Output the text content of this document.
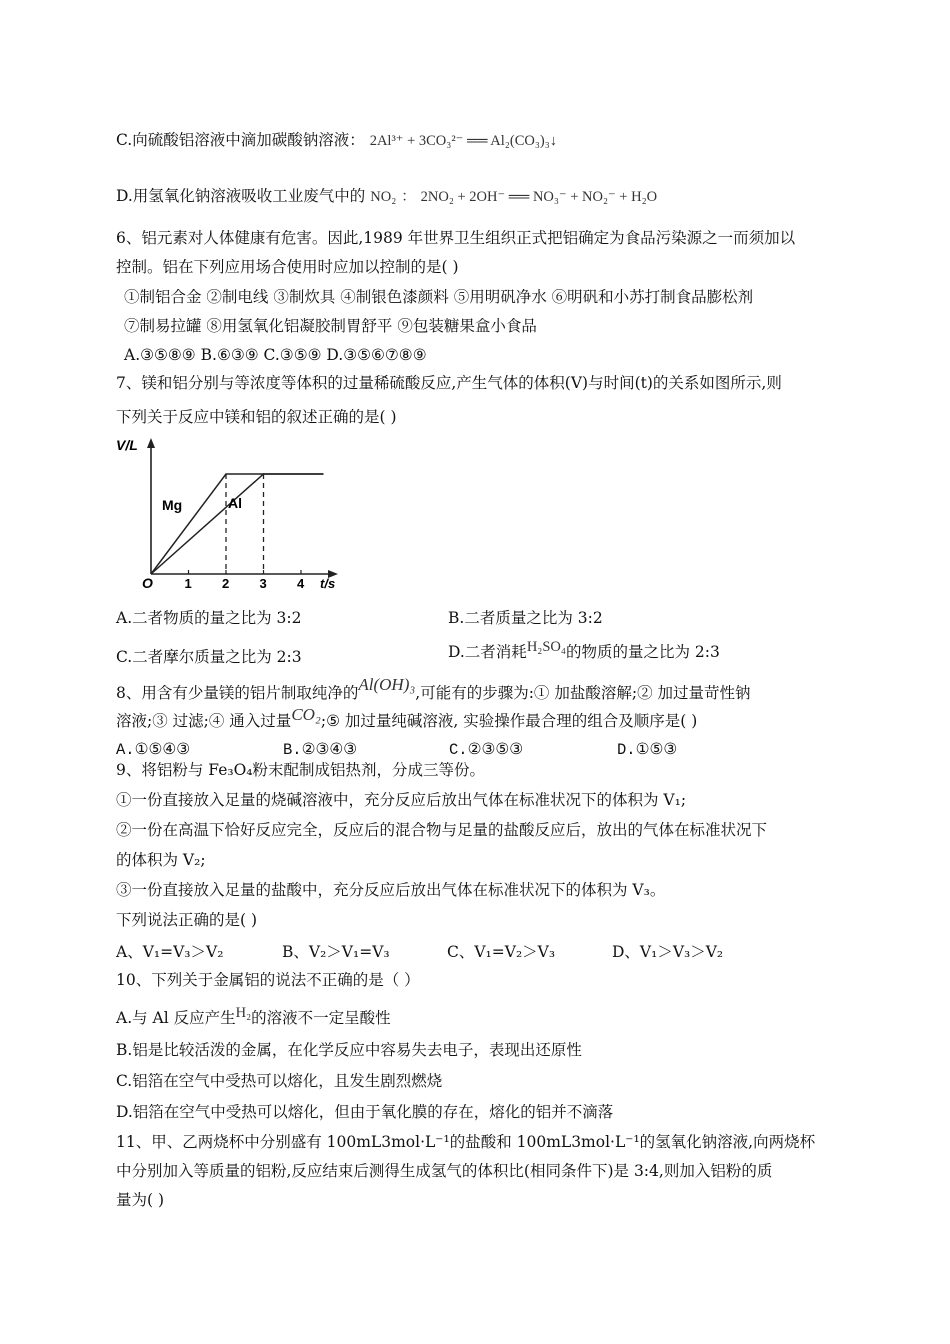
C.向硫酸铝溶液中滴加碳酸钠溶液： 2Al³⁺ + 3CO₃²⁻ ══ Al₂(CO₃)₃↓
D.用氢氧化钠溶液吸收工业废气中的 NO₂ ： 2NO₂ + 2OH⁻ ══ NO₃⁻ + NO₂⁻ + H₂O
6、铝元素对人体健康有危害。因此,1989 年世界卫生组织正式把铝确定为食品污染源之一而须加以
控制。铝在下列应用场合使用时应加以控制的是( )
①制铝合金 ②制电线 ③制炊具 ④制银色漆颜料 ⑤用明矾净水 ⑥明矾和小苏打制食品膨松剂
⑦制易拉罐 ⑧用氢氧化铝凝胶制胃舒平 ⑨包装糖果盒小食品
A.③⑤⑧⑨ B.⑥③⑨ C.③⑤⑨ D.③⑤⑥⑦⑧⑨
7、镁和铝分别与等浓度等体积的过量稀硫酸反应,产生气体的体积(V)与时间(t)的关系如图所示,则
下列关于反应中镁和铝的叙述正确的是( )
1 2 3 4
V/L
t/s
O
Mg	Al
A.二者物质的量之比为 3:2	B.二者质量之比为 3:2
C.二者摩尔质量之比为 2:3	D.二者消耗H₂SO₄的物质的量之比为 2:3
8、用含有少量镁的铝片制取纯净的Al(OH)₃,可能有的步骤为:① 加盐酸溶解;② 加过量苛性钠
溶液;③ 过滤;④ 通入过量CO₂;⑤ 加过量纯碱溶液, 实验操作最合理的组合及顺序是( )
A.①⑤④③	B.②③④③	C.②③⑤③	D.①⑤③
9、将铝粉与 Fe₃O₄粉末配制成铝热剂，分成三等份。
①一份直接放入足量的烧碱溶液中，充分反应后放出气体在标准状况下的体积为 V₁;
②一份在高温下恰好反应完全，反应后的混合物与足量的盐酸反应后，放出的气体在标准状况下
的体积为 V₂;
③一份直接放入足量的盐酸中，充分反应后放出气体在标准状况下的体积为 V₃。
下列说法正确的是( )
A、V₁=V₃＞V₂	B、V₂＞V₁=V₃	C、V₁=V₂＞V₃	D、V₁＞V₃＞V₂
10、下列关于金属铝的说法不正确的是（ ）
A.与 Al 反应产生H₂的溶液不一定呈酸性
B.铝是比较活泼的金属，在化学反应中容易失去电子，表现出还原性
C.铝箔在空气中受热可以熔化，且发生剧烈燃烧
D.铝箔在空气中受热可以熔化，但由于氧化膜的存在，熔化的铝并不滴落
11、甲、乙两烧杯中分别盛有 100mL3mol·L⁻¹的盐酸和 100mL3mol·L⁻¹的氢氧化钠溶液,向两烧杯
中分别加入等质量的铝粉,反应结束后测得生成氢气的体积比(相同条件下)是 3:4,则加入铝粉的质
量为( )
